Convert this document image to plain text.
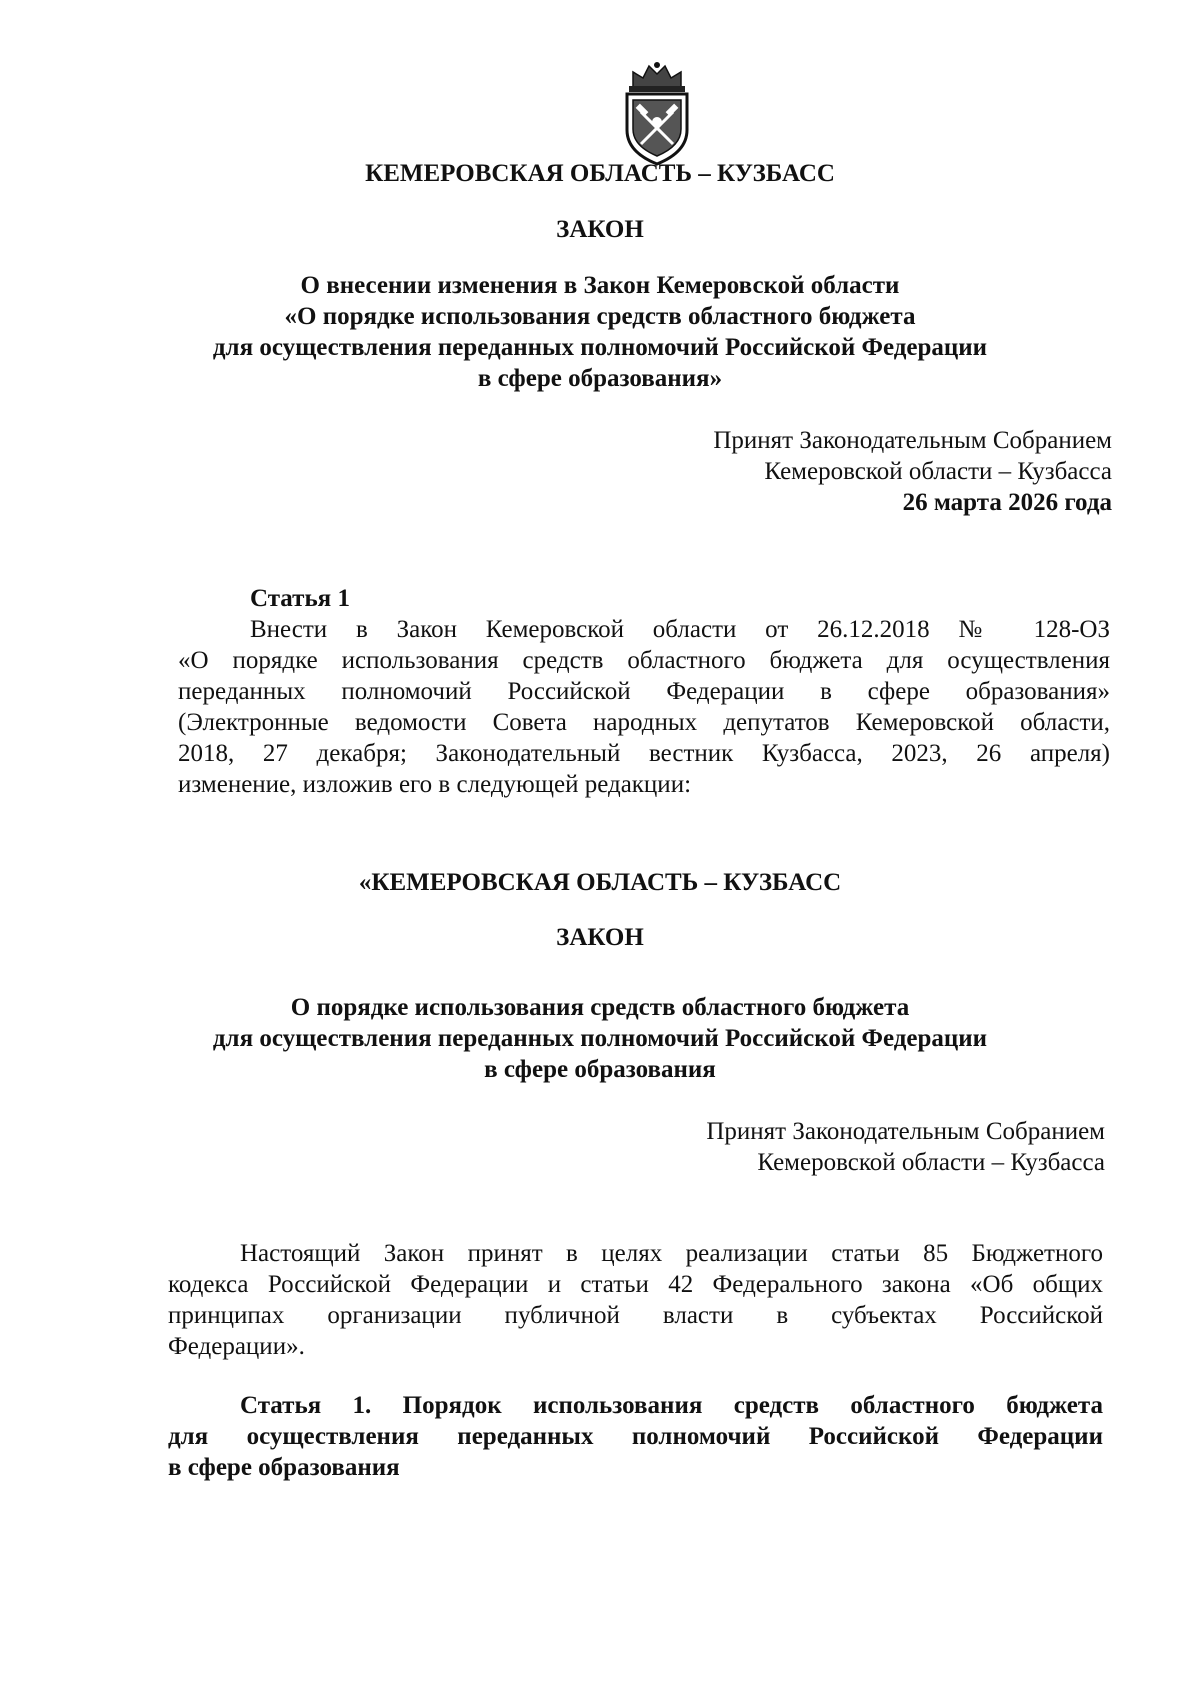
КЕМЕРОВСКАЯ ОБЛАСТЬ – КУЗБАСС
ЗАКОН
О внесении изменения в Закон Кемеровской области
«О порядке использования средств областного бюджета
для осуществления переданных полномочий Российской Федерации
в сфере образования»
Принят Законодательным Собранием
Кемеровской области – Кузбасса
26 марта 2026 года
Статья 1
Внести в Закон Кемеровской области от 26.12.2018 № 128-ОЗ
«О порядке использования средств областного бюджета для осуществления
переданных полномочий Российской Федерации в сфере образования»
(Электронные ведомости Совета народных депутатов Кемеровской области,
2018, 27 декабря; Законодательный вестник Кузбасса, 2023, 26 апреля)
изменение, изложив его в следующей редакции:
«КЕМЕРОВСКАЯ ОБЛАСТЬ – КУЗБАСС
ЗАКОН
О порядке использования средств областного бюджета
для осуществления переданных полномочий Российской Федерации
в сфере образования
Принят Законодательным Собранием
Кемеровской области – Кузбасса
Настоящий Закон принят в целях реализации статьи 85 Бюджетного
кодекса Российской Федерации и статьи 42 Федерального закона «Об общих
принципах организации публичной власти в субъектах Российской
Федерации».
Статья 1. Порядок использования средств областного бюджета
для осуществления переданных полномочий Российской Федерации
в сфере образования
